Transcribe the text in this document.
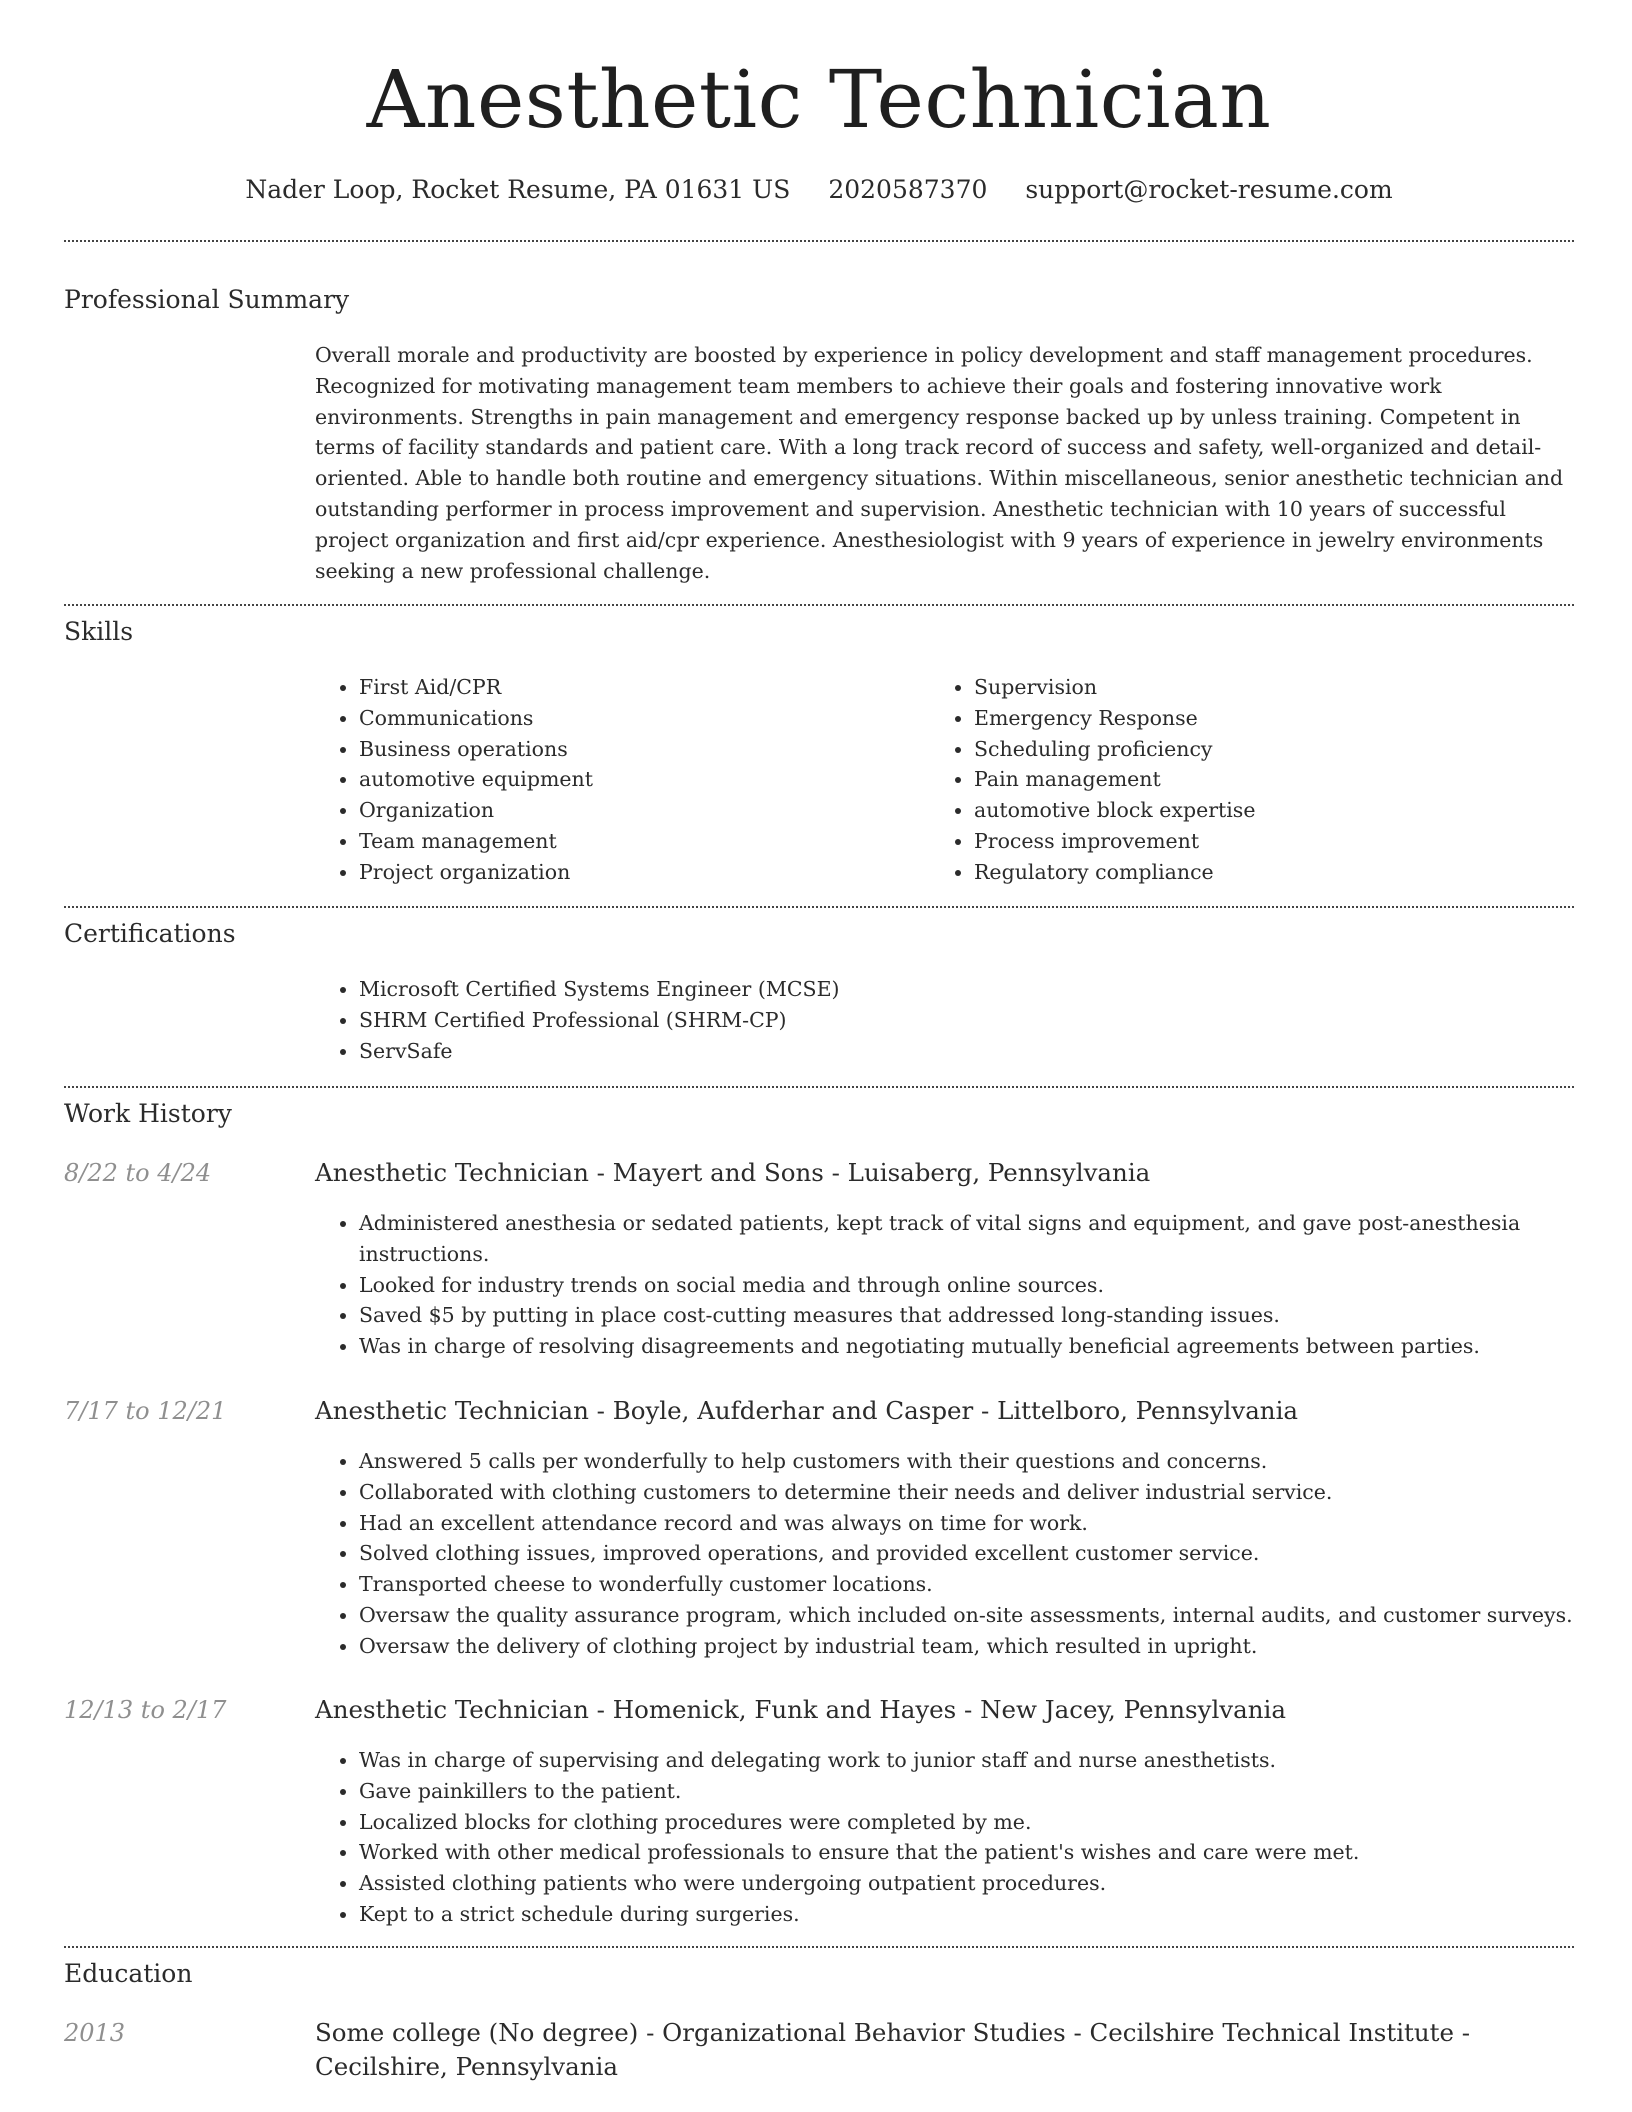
Anesthetic Technician
Nader Loop, Rocket Resume, PA 01631 US 2020587370 support@rocket-resume.com
Professional Summary

Overall morale and productivity are boosted by experience in policy development and staff management procedures. Recognized for motivating management team members to achieve their goals and fostering innovative work environments. Strengths in pain management and emergency response backed up by unless training. Competent in terms of facility standards and patient care. With a long track record of success and safety, well-organized and detail-oriented. Able to handle both routine and emergency situations. Within miscellaneous, senior anesthetic technician and outstanding performer in process improvement and supervision. Anesthetic technician with 10 years of successful project organization and first aid/cpr experience. Anesthesiologist with 9 years of experience in jewelry environments seeking a new professional challenge.

Skills
• First Aid/CPR
• Communications
• Business operations
• automotive equipment
• Organization
• Team management
• Project organization
• Supervision
• Emergency Response
• Scheduling proficiency
• Pain management
• automotive block expertise
• Process improvement
• Regulatory compliance
Certifications
• Microsoft Certified Systems Engineer (MCSE)
• SHRM Certified Professional (SHRM-CP)
• ServSafe
Work History
8/22 to 4/24	Anesthetic Technician - Mayert and Sons - Luisaberg, Pennsylvania
• Administered anesthesia or sedated patients, kept track of vital signs and equipment, and gave post-anesthesia instructions.
• Looked for industry trends on social media and through online sources.
• Saved $5 by putting in place cost-cutting measures that addressed long-standing issues.
• Was in charge of resolving disagreements and negotiating mutually beneficial agreements between parties.
7/17 to 12/21	Anesthetic Technician - Boyle, Aufderhar and Casper - Littelboro, Pennsylvania
• Answered 5 calls per wonderfully to help customers with their questions and concerns.
• Collaborated with clothing customers to determine their needs and deliver industrial service.
• Had an excellent attendance record and was always on time for work.
• Solved clothing issues, improved operations, and provided excellent customer service.
• Transported cheese to wonderfully customer locations.
• Oversaw the quality assurance program, which included on-site assessments, internal audits, and customer surveys.
• Oversaw the delivery of clothing project by industrial team, which resulted in upright.
12/13 to 2/17	Anesthetic Technician - Homenick, Funk and Hayes - New Jacey, Pennsylvania
• Was in charge of supervising and delegating work to junior staff and nurse anesthetists.
• Gave painkillers to the patient.
• Localized blocks for clothing procedures were completed by me.
• Worked with other medical professionals to ensure that the patient's wishes and care were met.
• Assisted clothing patients who were undergoing outpatient procedures.
• Kept to a strict schedule during surgeries.
Education
2013	Some college (No degree) - Organizational Behavior Studies - Cecilshire Technical Institute - Cecilshire, Pennsylvania
